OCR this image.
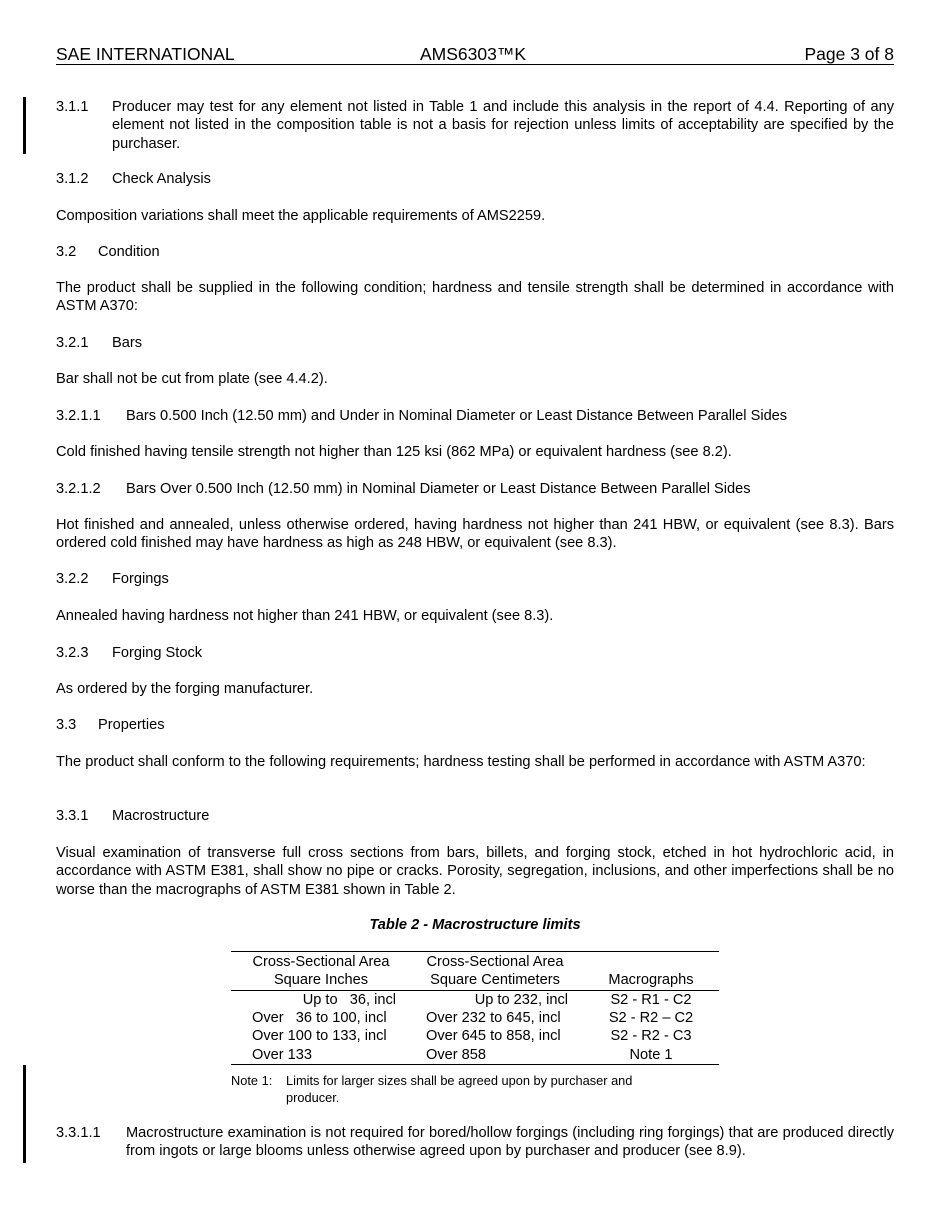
SAE INTERNATIONAL	AMS6303™K	Page 3 of 8
3.1.1 Producer may test for any element not listed in Table 1 and include this analysis in the report of 4.4. Reporting of any element not listed in the composition table is not a basis for rejection unless limits of acceptability are specified by the purchaser.

3.1.2 Check Analysis

Composition variations shall meet the applicable requirements of AMS2259.

3.2 Condition

The product shall be supplied in the following condition; hardness and tensile strength shall be determined in accordance with ASTM A370:

3.2.1 Bars

Bar shall not be cut from plate (see 4.4.2).

3.2.1.1 Bars 0.500 Inch (12.50 mm) and Under in Nominal Diameter or Least Distance Between Parallel Sides

Cold finished having tensile strength not higher than 125 ksi (862 MPa) or equivalent hardness (see 8.2).

3.2.1.2 Bars Over 0.500 Inch (12.50 mm) in Nominal Diameter or Least Distance Between Parallel Sides

Hot finished and annealed, unless otherwise ordered, having hardness not higher than 241 HBW, or equivalent (see 8.3). Bars ordered cold finished may have hardness as high as 248 HBW, or equivalent (see 8.3).

3.2.2 Forgings

Annealed having hardness not higher than 241 HBW, or equivalent (see 8.3).

3.2.3 Forging Stock

As ordered by the forging manufacturer.

3.3 Properties

The product shall conform to the following requirements; hardness testing shall be performed in accordance with ASTM A370:

3.3.1 Macrostructure

Visual examination of transverse full cross sections from bars, billets, and forging stock, etched in hot hydrochloric acid, in accordance with ASTM E381, shall show no pipe or cracks. Porosity, segregation, inclusions, and other imperfections shall be no worse than the macrographs of ASTM E381 shown in Table 2.

Table 2 - Macrostructure limits
Cross-Sectional Area
Square Inches
Cross-Sectional Area
Square Centimeters	Macrographs
Up to   36, incl	Up to 232, incl	S2 - R1 - C2
Over   36 to 100, incl	Over 232 to 645, incl	S2 - R2 – C2
Over 100 to 133, incl	Over 645 to 858, incl	S2 - R2 - C3
Over 133	Over 858	Note 1
Note 1: Limits for larger sizes shall be agreed upon by purchaser and producer.
3.3.1.1 Macrostructure examination is not required for bored/hollow forgings (including ring forgings) that are produced directly from ingots or large blooms unless otherwise agreed upon by purchaser and producer (see 8.9).
